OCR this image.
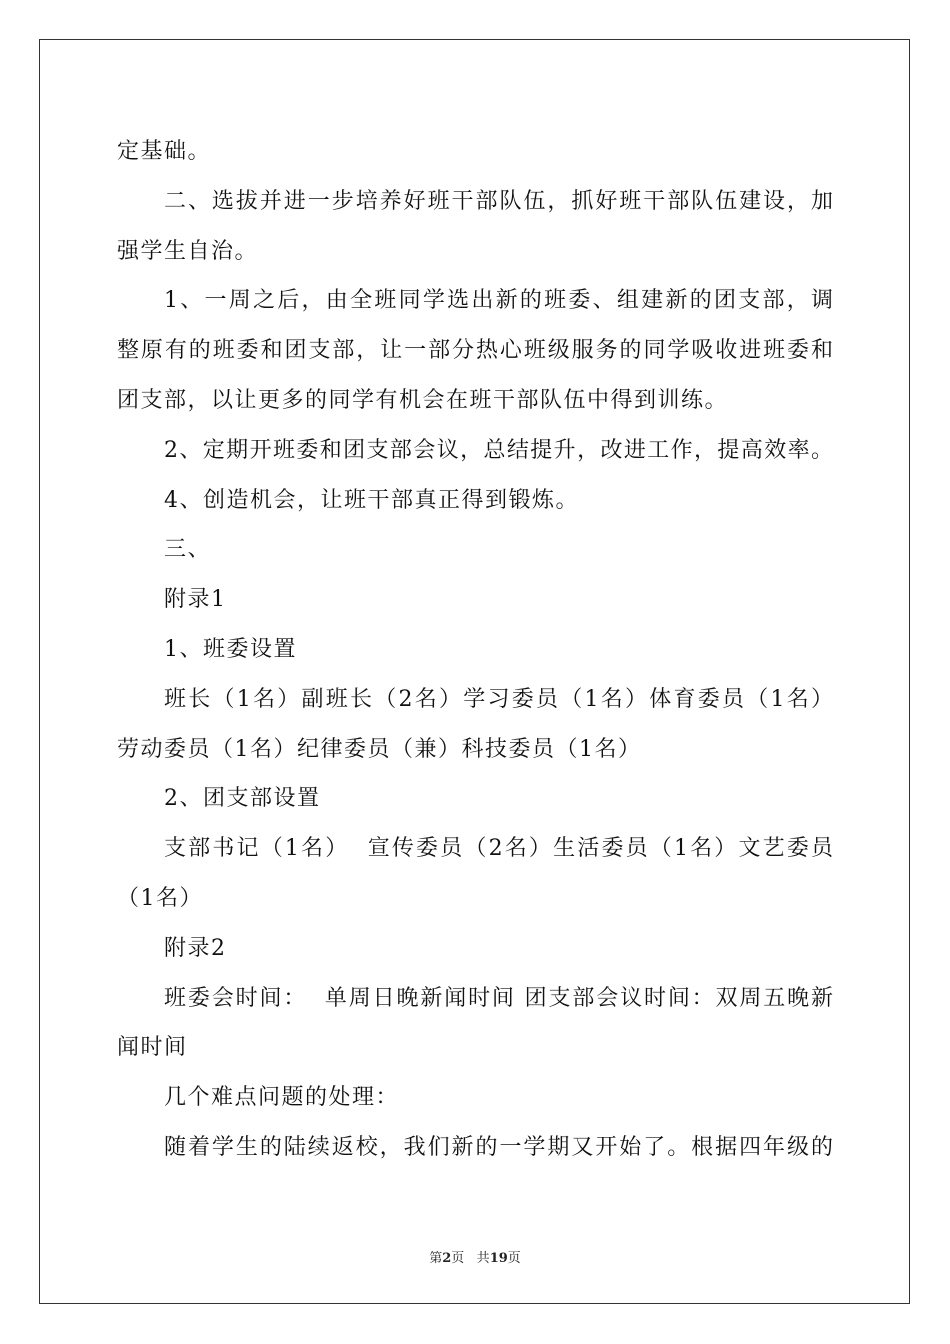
定基础。
二、选拔并进一步培养好班干部队伍，抓好班干部队伍建设，加
强学生自治。
1、一周之后，由全班同学选出新的班委、组建新的团支部，调
整原有的班委和团支部，让一部分热心班级服务的同学吸收进班委和
团支部，以让更多的同学有机会在班干部队伍中得到训练。
2、定期开班委和团支部会议，总结提升，改进工作，提高效率。
4、创造机会，让班干部真正得到锻炼。
三、
附录1
1、班委设置
班长（1名）副班长（2名）学习委员（1名）体育委员（1名）
劳动委员（1名）纪律委员（兼）科技委员（1名）
2、团支部设置
支部书记（1名）  宣传委员（2名）生活委员（1名）文艺委员
（1名）
附录2
班委会时间：  单周日晚新闻时间 团支部会议时间：双周五晚新
闻时间
几个难点问题的处理：
随着学生的陆续返校，我们新的一学期又开始了。根据四年级的
第2页 共19页
